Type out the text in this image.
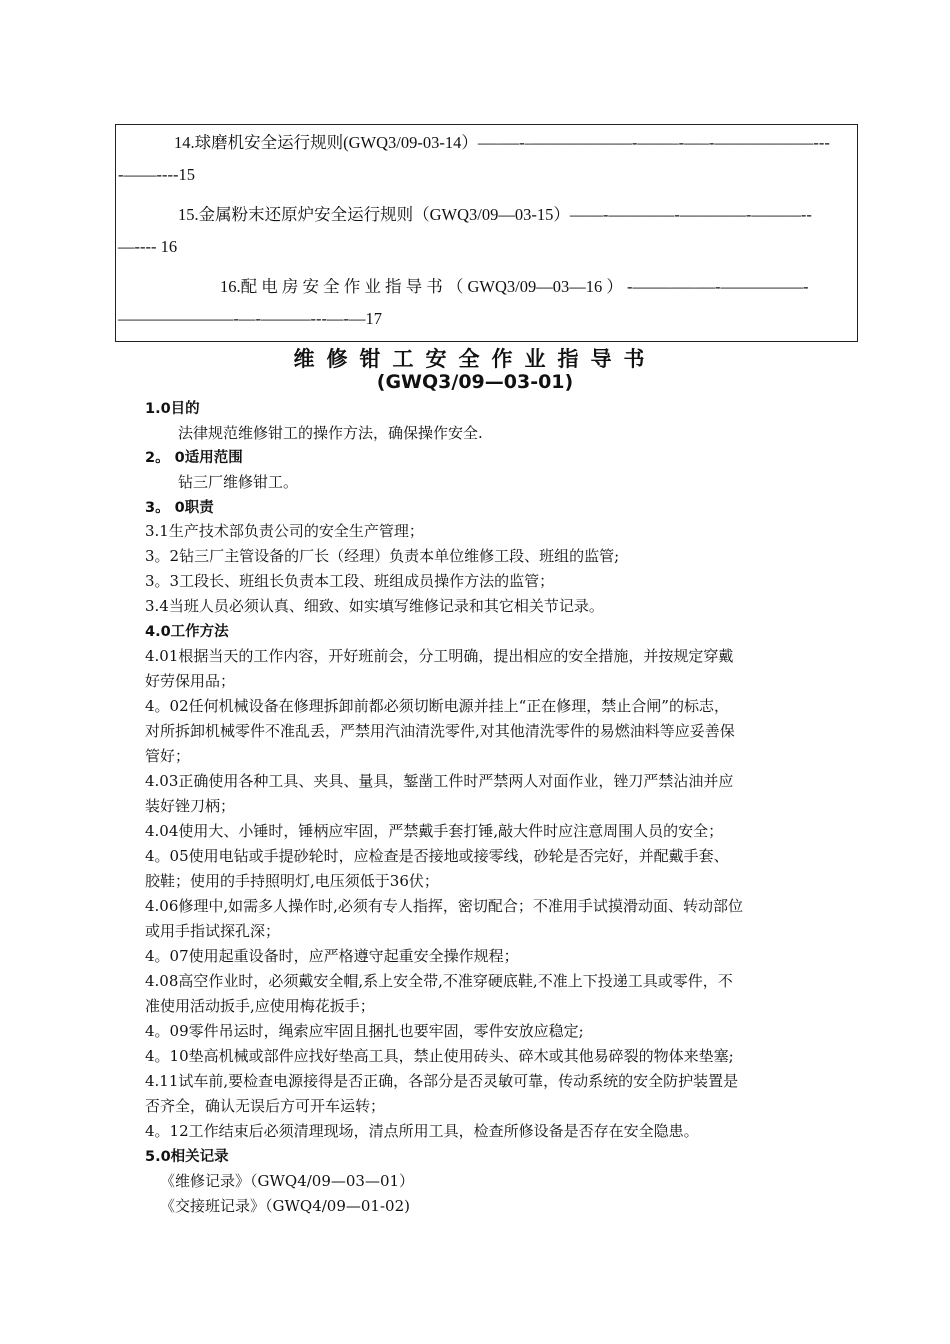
14.球磨机安全运行规则(GWQ3/09-03-14）—–—-–——————-——–-—–-——————---
-——----15
15.金属粉末还原炉安全运行规则（GWQ3/09—03-15）——-————-————-———--
—---- 16
16.配 电 房 安 全 作 业 指 导 书 （ GWQ3/09—03—16 ） -——–—–—-—————-
———————-—-———---—-—17
维修钳工安全作业指导书
(GWQ3/09—03-01)
1.0目的
法律规范维修钳工的操作方法，确保操作安全.
2。 0适用范围
钻三厂维修钳工。
3。 0职责
3.1生产技术部负责公司的安全生产管理；
3。2钻三厂主管设备的厂长（经理）负责本单位维修工段、班组的监管;
3。3工段长、班组长负责本工段、班组成员操作方法的监管；
3.4当班人员必须认真、细致、如实填写维修记录和其它相关节记录。
4.0工作方法
4.01根据当天的工作内容，开好班前会，分工明确，提出相应的安全措施，并按规定穿戴
好劳保用品；
4。02任何机械设备在修理拆卸前都必须切断电源并挂上“正在修理，禁止合闸”的标志，
对所拆卸机械零件不准乱丢，严禁用汽油清洗零件,对其他清洗零件的易燃油料等应妥善保
管好；
4.03正确使用各种工具、夹具、量具，錾凿工件时严禁两人对面作业，锉刀严禁沾油并应
装好锉刀柄；
4.04使用大、小锤时，锤柄应牢固，严禁戴手套打锤,敲大件时应注意周围人员的安全；
4。05使用电钻或手提砂轮时，应检查是否接地或接零线，砂轮是否完好，并配戴手套、
胶鞋；使用的手持照明灯,电压须低于36伏；
4.06修理中,如需多人操作时,必须有专人指挥，密切配合；不准用手试摸滑动面、转动部位
或用手指试探孔深；
4。07使用起重设备时，应严格遵守起重安全操作规程；
4.08高空作业时，必须戴安全帽,系上安全带,不准穿硬底鞋,不准上下投递工具或零件，不
准使用活动扳手,应使用梅花扳手；
4。09零件吊运时，绳索应牢固且捆扎也要牢固，零件安放应稳定;
4。10垫高机械或部件应找好垫高工具，禁止使用砖头、碎木或其他易碎裂的物体来垫塞;
4.11试车前,要检查电源接得是否正确，各部分是否灵敏可靠，传动系统的安全防护装置是
否齐全，确认无误后方可开车运转；
4。12工作结束后必须清理现场，清点所用工具，检查所修设备是否存在安全隐患。
5.0相关记录
《维修记录》（GWQ4/09—03—01）
《交接班记录》（GWQ4/09—01-02)
